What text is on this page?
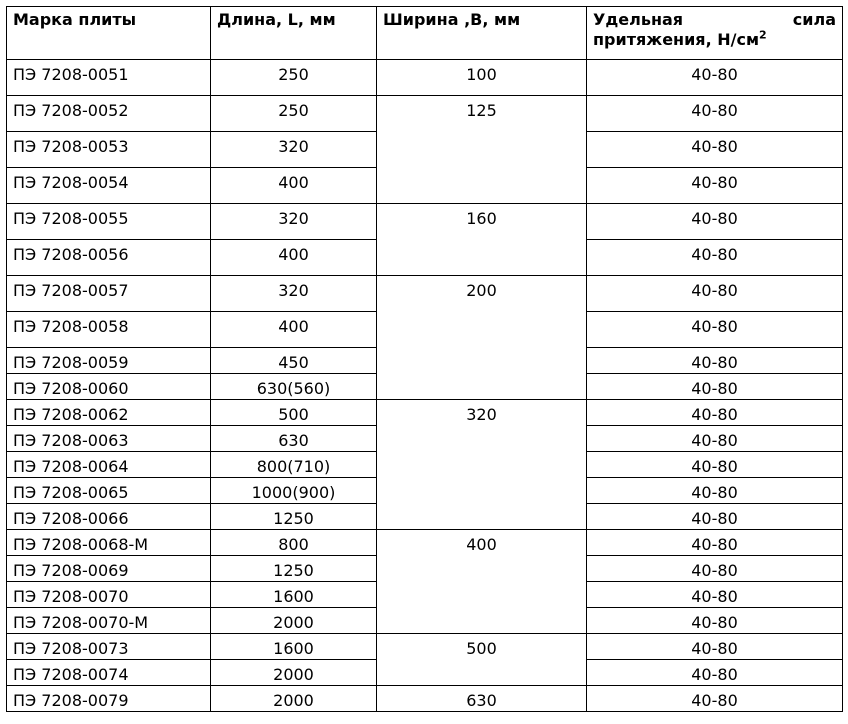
Марка плиты	Длина, L, мм	Ширина ,B, мм	Удельная сила
притяжения, $Н/см^2$

ПЭ 7208-0051	250	100	40-80
ПЭ 7208-0052	250	125	40-80
ПЭ 7208-0053	320		40-80
ПЭ 7208-0054	400		40-80
ПЭ 7208-0055	320	160	40-80
ПЭ 7208-0056	400		40-80
ПЭ 7208-0057	320	200	40-80
ПЭ 7208-0058	400		40-80
ПЭ 7208-0059	450		40-80
ПЭ 7208-0060	630(560)		40-80
ПЭ 7208-0062	500	320	40-80
ПЭ 7208-0063	630		40-80
ПЭ 7208-0064	800(710)		40-80
ПЭ 7208-0065	1000(900)		40-80
ПЭ 7208-0066	1250		40-80
ПЭ 7208-0068-М	800	400	40-80
ПЭ 7208-0069	1250		40-80
ПЭ 7208-0070	1600		40-80
ПЭ 7208-0070-М	2000		40-80
ПЭ 7208-0073	1600	500	40-80
ПЭ 7208-0074	2000		40-80
ПЭ 7208-0079	2000	630	40-80
